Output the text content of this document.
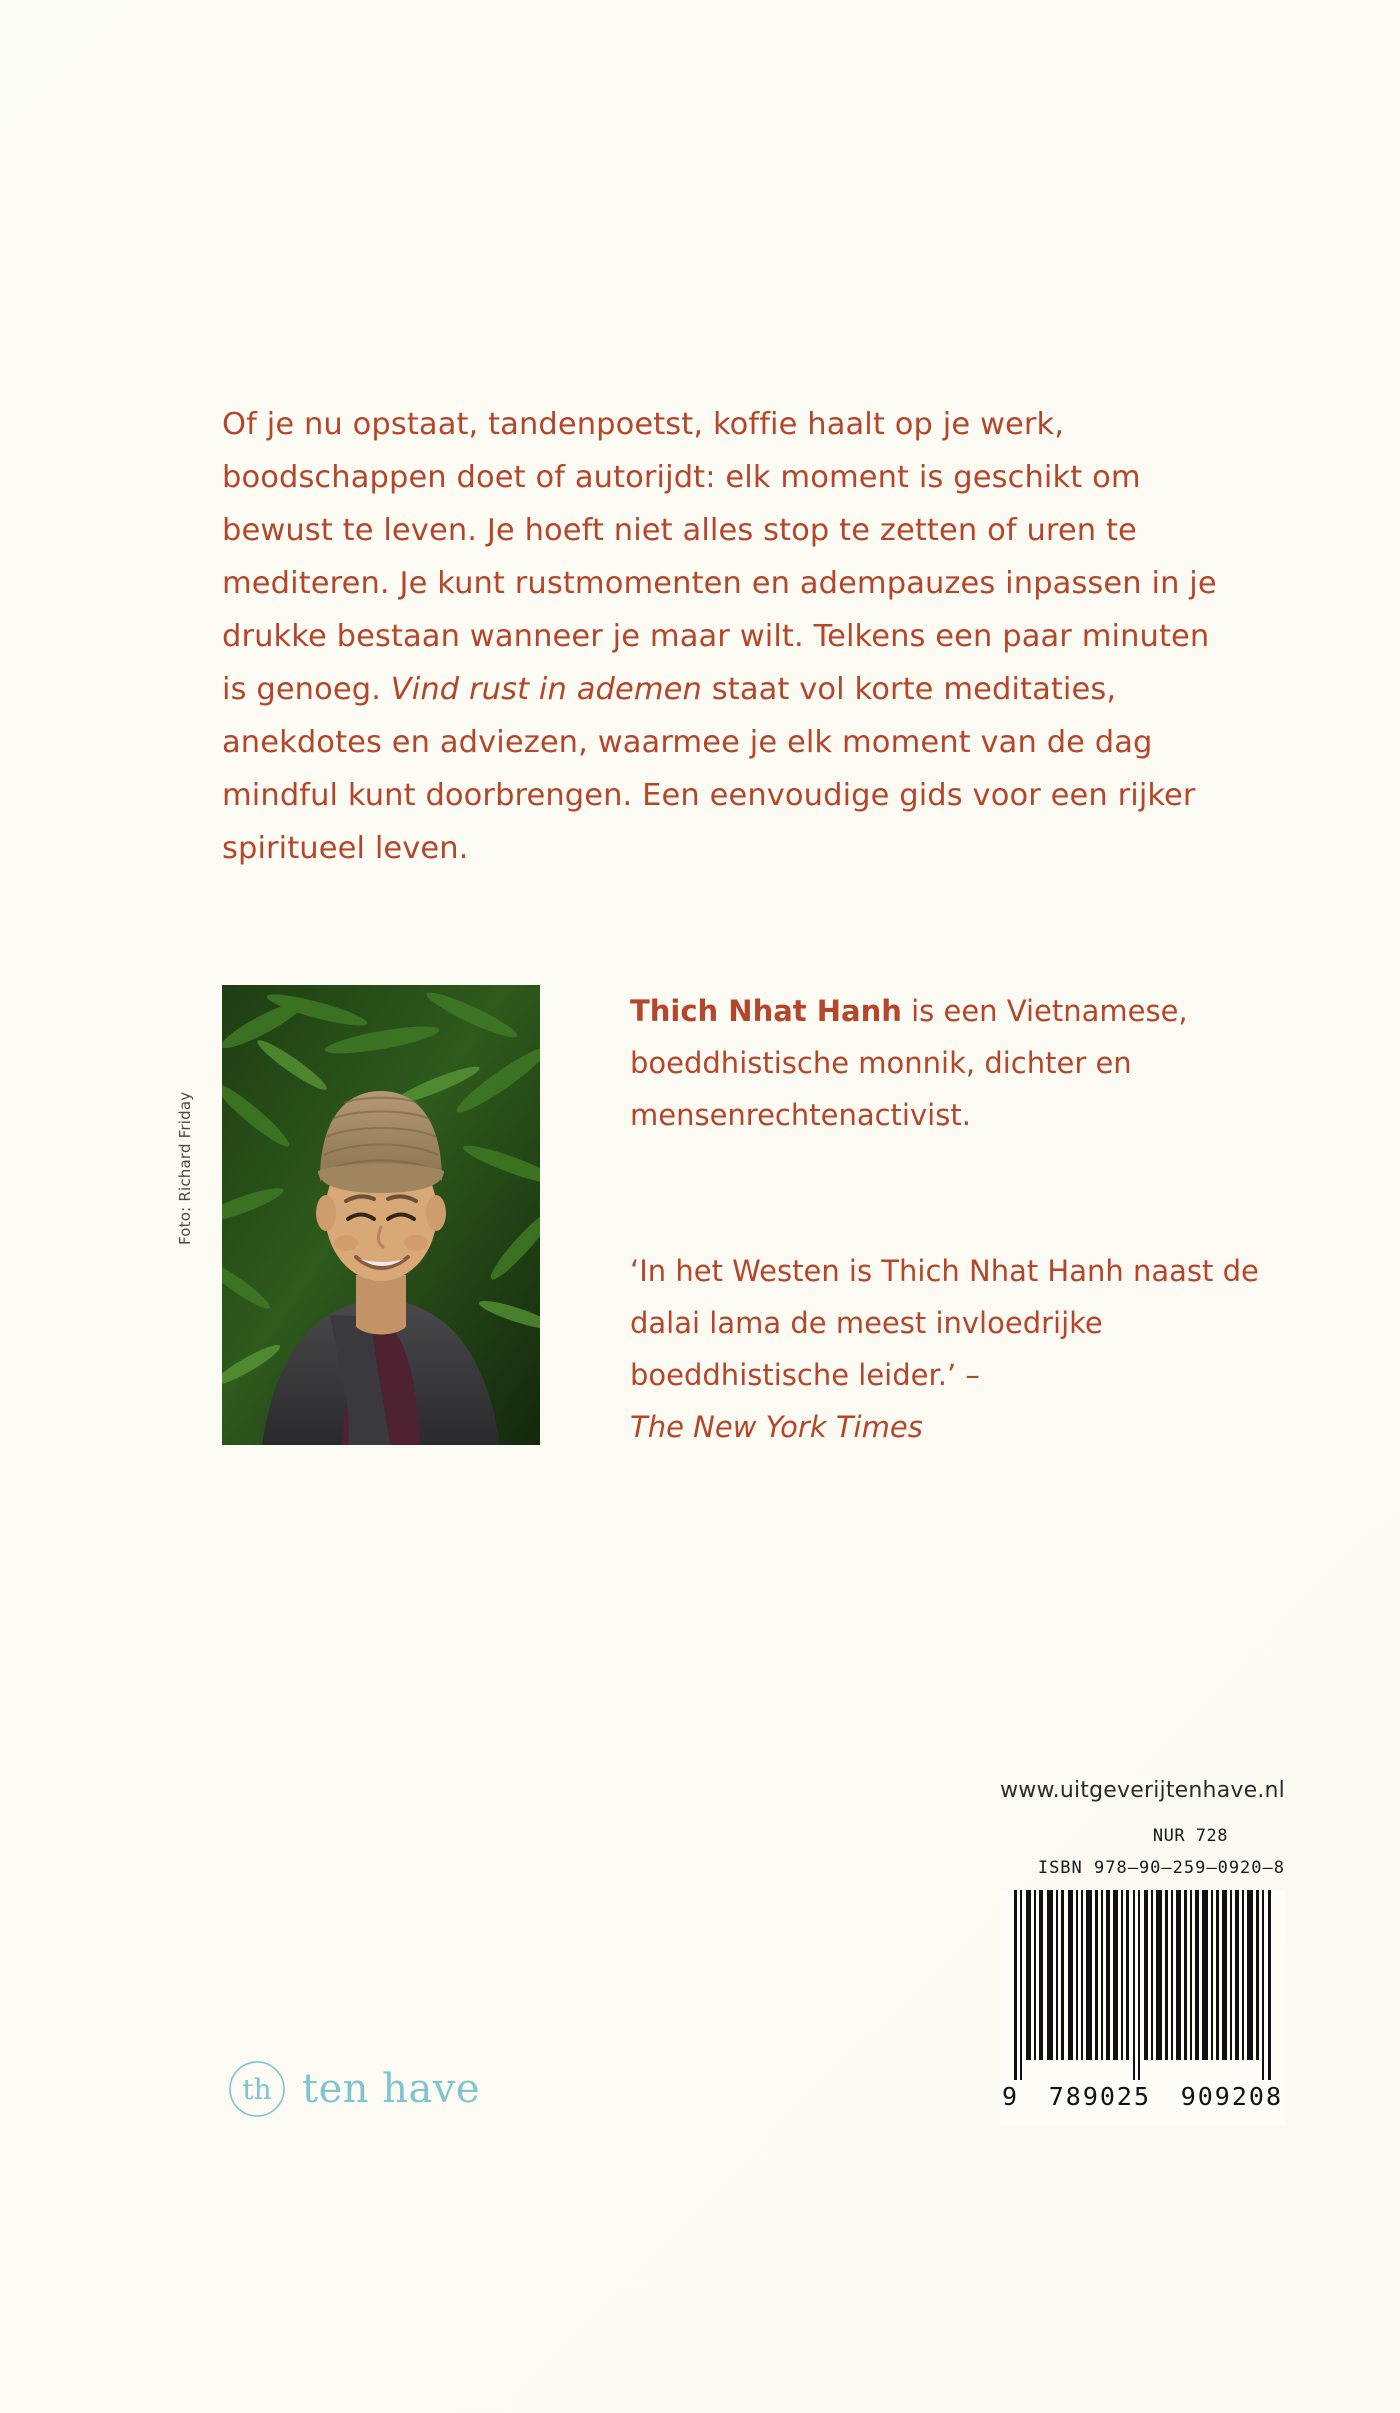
Of je nu opstaat, tandenpoetst, koffie haalt op je werk, boodschappen doet of autorijdt: elk moment is geschikt om bewust te leven. Je hoeft niet alles stop te zetten of uren te mediteren. Je kunt rustmomenten en adempauzes inpassen in je drukke bestaan wanneer je maar wilt. Telkens een paar minuten is genoeg. Vind rust in ademen staat vol korte meditaties, anekdotes en adviezen, waarmee je elk moment van de dag mindful kunt doorbrengen. Een eenvoudige gids voor een rijker spiritueel leven.
Foto: Richard Friday
Thich Nhat Hanh is een Vietnamese, boeddhistische monnik, dichter en mensenrechtenactivist.
‘In het Westen is Thich Nhat Hanh naast de dalai lama de meest invloedrijke boeddhistische leider.’ –
The New York Times
www.uitgeverijtenhave.nl
NUR 728
ISBN 978–90–259–0920–8
9 789025 909208
th ten have
